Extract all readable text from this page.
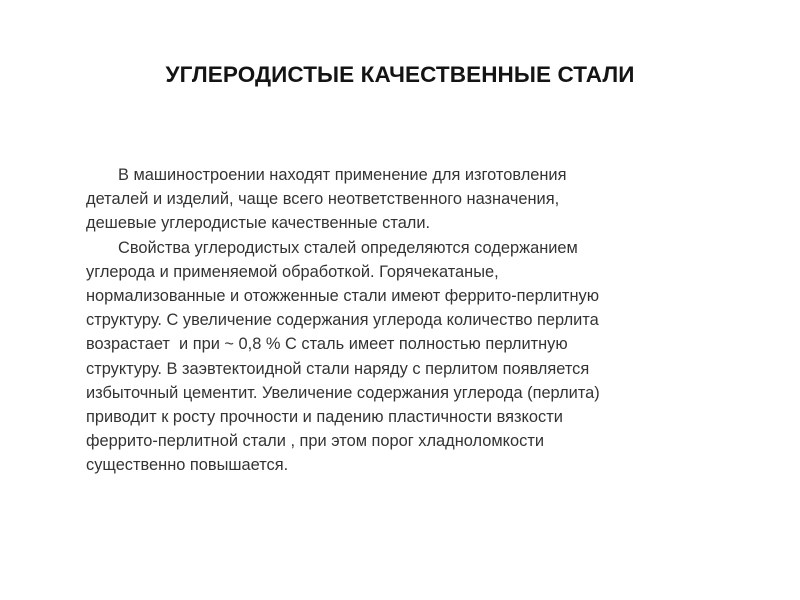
УГЛЕРОДИСТЫЕ КАЧЕСТВЕННЫЕ СТАЛИ
В машиностроении находят применение для изготовления
деталей и изделий, чаще всего неответственного назначения,
дешевые углеродистые качественные стали.
Свойства углеродистых сталей определяются содержанием
углерода и применяемой обработкой. Горячекатаные,
нормализованные и отожженные стали имеют феррито-перлитную
структуру. С увеличение содержания углерода количество перлита
возрастает  и при ~ 0,8 % С сталь имеет полностью перлитную
структуру. В заэвтектоидной стали наряду с перлитом появляется
избыточный цементит. Увеличение содержания углерода (перлита)
приводит к росту прочности и падению пластичности вязкости
феррито-перлитной стали , при этом порог хладноломкости
существенно повышается.
